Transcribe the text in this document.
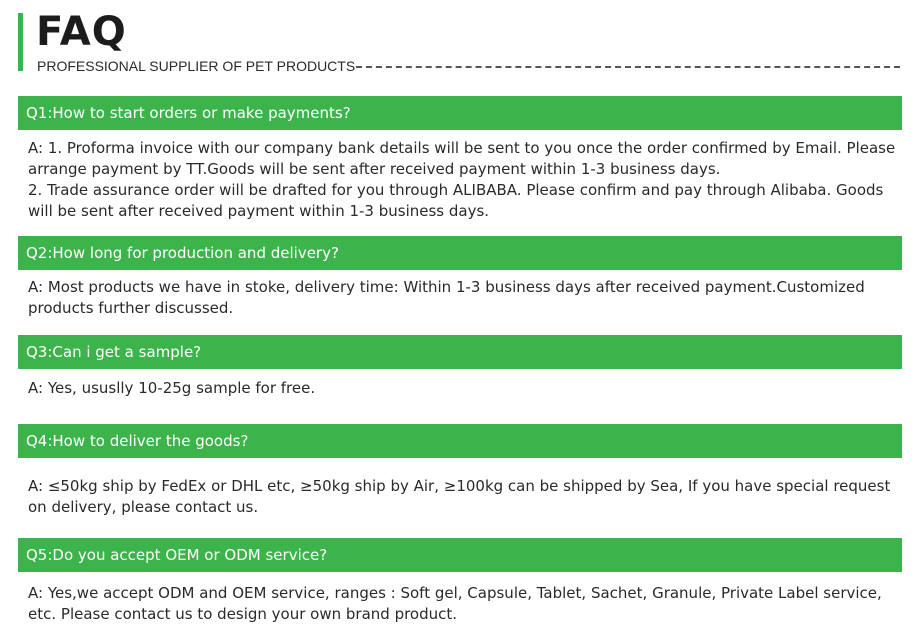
FAQ
PROFESSIONAL SUPPLIER OF PET PRODUCTS
Q1:How to start orders or make payments?

A: 1. Proforma invoice with our company bank details will be sent to you once the order confirmed by Email. Please arrange payment by TT.Goods will be sent after received payment within 1-3 business days.

2. Trade assurance order will be drafted for you through ALIBABA. Please confirm and pay through Alibaba. Goods will be sent after received payment within 1-3 business days.

Q2:How long for production and delivery?

A: Most products we have in stoke, delivery time: Within 1-3 business days after received payment.Customized products further discussed.

Q3:Can i get a sample?

A: Yes, ususlly 10-25g sample for free.

Q4:How to deliver the goods?

A: ≤50kg ship by FedEx or DHL etc, ≥50kg ship by Air, ≥100kg can be shipped by Sea, If you have special request on delivery, please contact us.

Q5:Do you accept OEM or ODM service?

A: Yes,we accept ODM and OEM service, ranges : Soft gel, Capsule, Tablet, Sachet, Granule, Private Label service, etc. Please contact us to design your own brand product.
